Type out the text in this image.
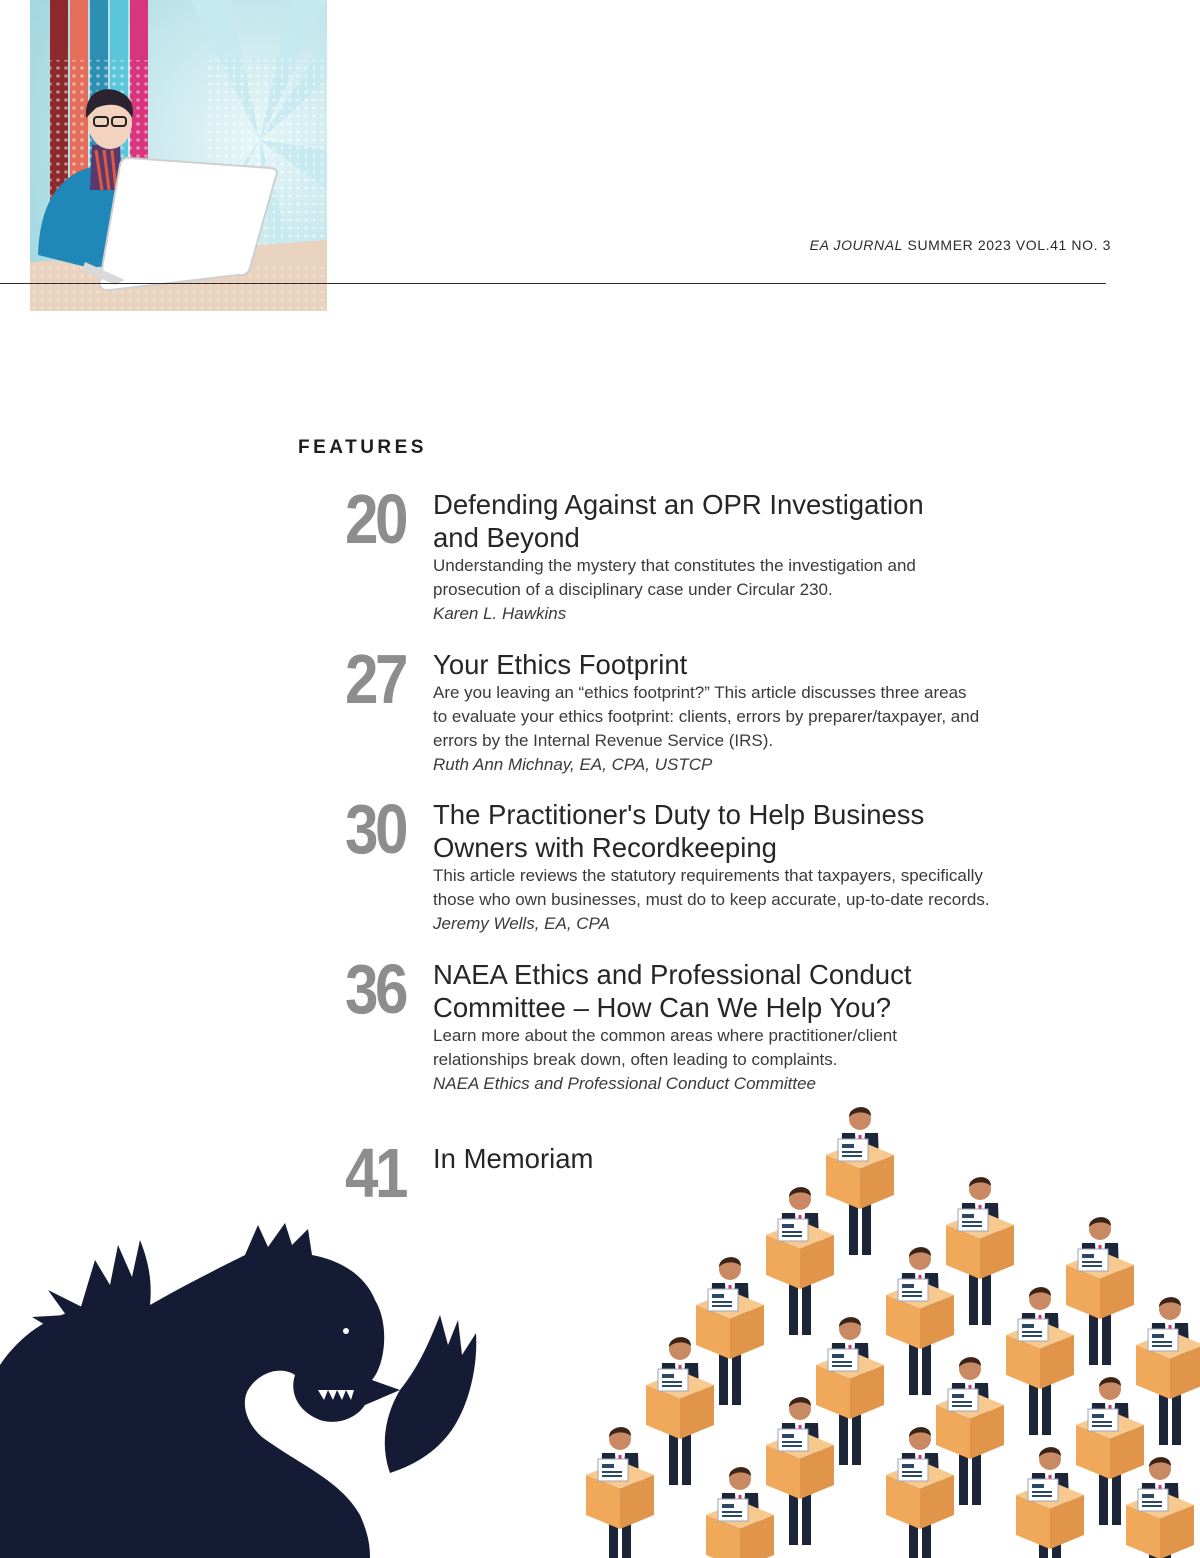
EA JOURNAL SUMMER 2023 VOL.41 NO. 3
FEATURES
20	Defending Against an OPR Investigation
and Beyond

Understanding the mystery that constitutes the investigation and
prosecution of a disciplinary case under Circular 230.

Karen L. Hawkins

27	Your Ethics Footprint

Are you leaving an “ethics footprint?” This article discusses three areas
to evaluate your ethics footprint: clients, errors by preparer/taxpayer, and
errors by the Internal Revenue Service (IRS).

Ruth Ann Michnay, EA, CPA, USTCP

30	The Practitioner's Duty to Help Business
Owners with Recordkeeping

This article reviews the statutory requirements that taxpayers, specifically
those who own businesses, must do to keep accurate, up-to-date records.

Jeremy Wells, EA, CPA

36	NAEA Ethics and Professional Conduct
Committee – How Can We Help You?

Learn more about the common areas where practitioner/client
relationships break down, often leading to complaints.

NAEA Ethics and Professional Conduct Committee

41	In Memoriam
